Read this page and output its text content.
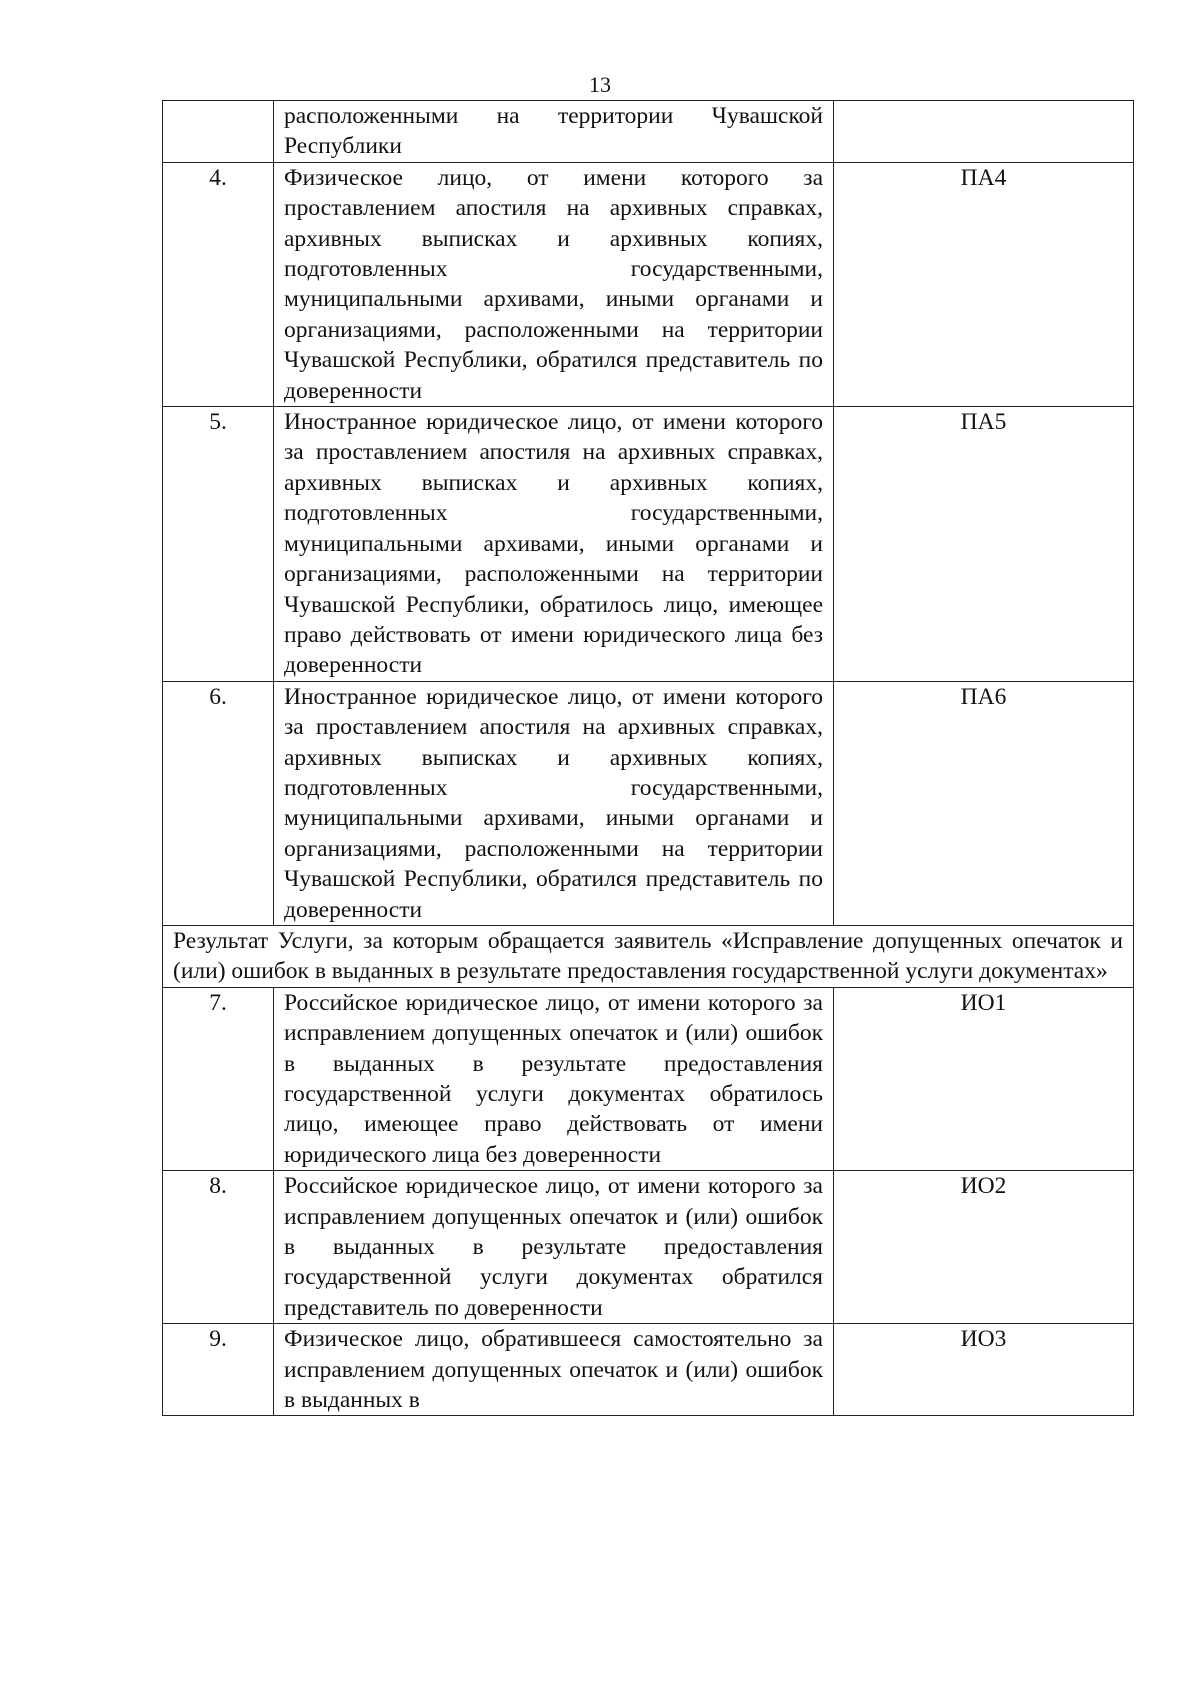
13
	расположенными на территории Чувашской Республики	
4.	Физическое лицо, от имени которого за проставлением апостиля на архивных справках, архивных выписках и архивных копиях, подготовленных государственными, муниципальными архивами, иными органами и организациями, расположенными на территории Чувашской Республики, обратился представитель по доверенности	ПА4
5.	Иностранное юридическое лицо, от имени которого за проставлением апостиля на архивных справках, архивных выписках и архивных копиях, подготовленных государственными, муниципальными архивами, иными органами и организациями, расположенными на территории Чувашской Республики, обратилось лицо, имеющее право действовать от имени юридического лица без доверенности	ПА5
6.	Иностранное юридическое лицо, от имени которого за проставлением апостиля на архивных справках, архивных выписках и архивных копиях, подготовленных государственными, муниципальными архивами, иными органами и организациями, расположенными на территории Чувашской Республики, обратился представитель по доверенности	ПА6
Результат Услуги, за которым обращается заявитель «Исправление допущенных опечаток и (или) ошибок в выданных в результате предоставления государственной услуги документах»		
7.	Российское юридическое лицо, от имени которого за исправлением допущенных опечаток и (или) ошибок в выданных в результате предоставления государственной услуги документах обратилось лицо, имеющее право действовать от имени юридического лица без доверенности	ИО1
8.	Российское юридическое лицо, от имени которого за исправлением допущенных опечаток и (или) ошибок в выданных в результате предоставления государственной услуги документах обратился представитель по доверенности	ИО2
9.	Физическое лицо, обратившееся самостоятельно за исправлением допущенных опечаток и (или) ошибок в выданных в	ИО3
